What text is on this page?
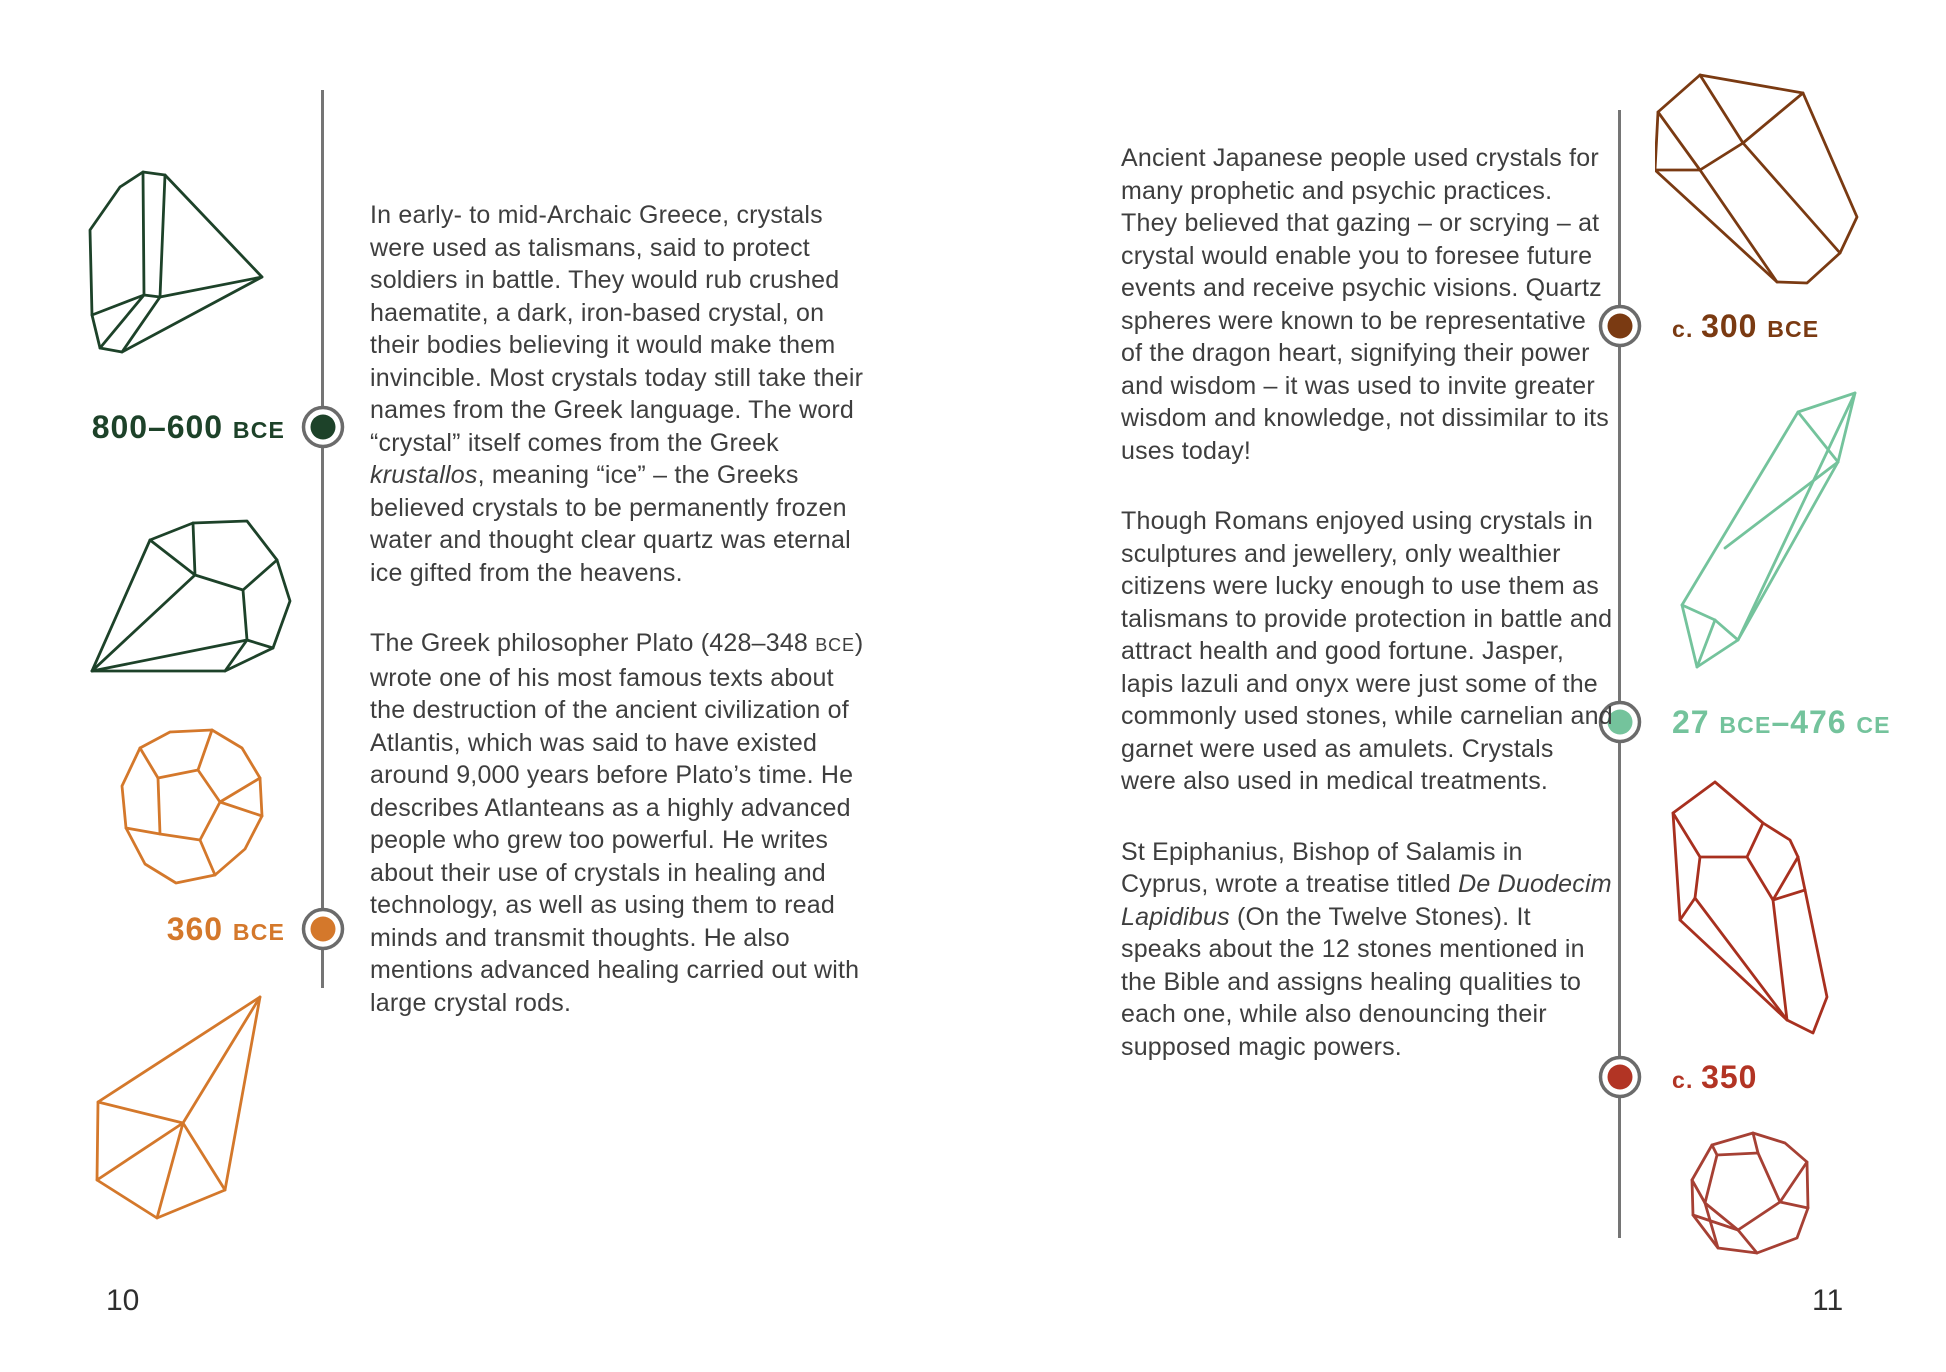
800–600 BCE
360 BCE

In early- to mid-Archaic Greece, crystals were used as talismans, said to protect soldiers in battle. They would rub crushed haematite, a dark, iron-based crystal, on their bodies believing it would make them invincible. Most crystals today still take their names from the Greek language. The word “crystal” itself comes from the Greek krustallos, meaning “ice” – the Greeks believed crystals to be permanently frozen water and thought clear quartz was eternal ice gifted from the heavens.

The Greek philosopher Plato (428–348 BCE) wrote one of his most famous texts about the destruction of the ancient civilization of Atlantis, which was said to have existed around 9,000 years before Plato’s time. He describes Atlanteans as a highly advanced people who grew too powerful. He writes about their use of crystals in healing and technology, as well as using them to read minds and transmit thoughts. He also mentions advanced healing carried out with large crystal rods.

10
c. 300 BCE
27 BCE–476 CE
c. 350

Ancient Japanese people used crystals for many prophetic and psychic practices. They believed that gazing – or scrying – at crystal would enable you to foresee future events and receive psychic visions. Quartz spheres were known to be representative of the dragon heart, signifying their power and wisdom – it was used to invite greater wisdom and knowledge, not dissimilar to its uses today!

Though Romans enjoyed using crystals in sculptures and jewellery, only wealthier citizens were lucky enough to use them as talismans to provide protection in battle and attract health and good fortune. Jasper, lapis lazuli and onyx were just some of the commonly used stones, while carnelian and garnet were used as amulets. Crystals were also used in medical treatments.

St Epiphanius, Bishop of Salamis in Cyprus, wrote a treatise titled De Duodecim Lapidibus (On the Twelve Stones). It speaks about the 12 stones mentioned in the Bible and assigns healing qualities to each one, while also denouncing their supposed magic powers.

11
